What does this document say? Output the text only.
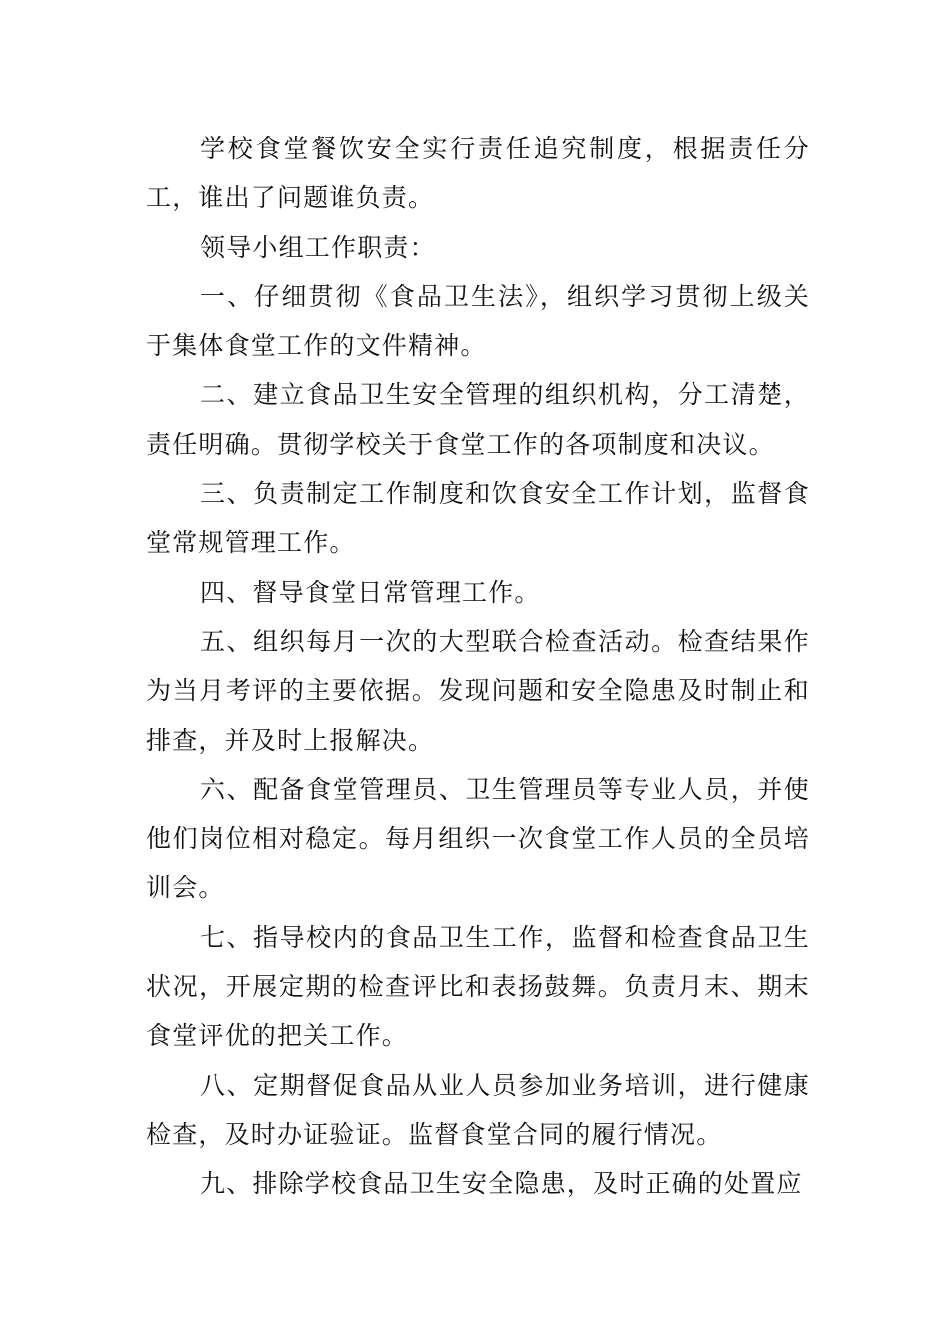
学校食堂餐饮安全实行责任追究制度，根据责任分工，谁出了问题谁负责。

领导小组工作职责：

一、仔细贯彻《食品卫生法》，组织学习贯彻上级关于集体食堂工作的文件精神。

二、建立食品卫生安全管理的组织机构，分工清楚，责任明确。贯彻学校关于食堂工作的各项制度和决议。

三、负责制定工作制度和饮食安全工作计划，监督食堂常规管理工作。

四、督导食堂日常管理工作。

五、组织每月一次的大型联合检查活动。检查结果作为当月考评的主要依据。发现问题和安全隐患及时制止和排查，并及时上报解决。

六、配备食堂管理员、卫生管理员等专业人员，并使他们岗位相对稳定。每月组织一次食堂工作人员的全员培训会。

七、指导校内的食品卫生工作，监督和检查食品卫生状况，开展定期的检查评比和表扬鼓舞。负责月末、期末食堂评优的把关工作。

八、定期督促食品从业人员参加业务培训，进行健康检查，及时办证验证。监督食堂合同的履行情况。

九、排除学校食品卫生安全隐患，及时正确的处置应
